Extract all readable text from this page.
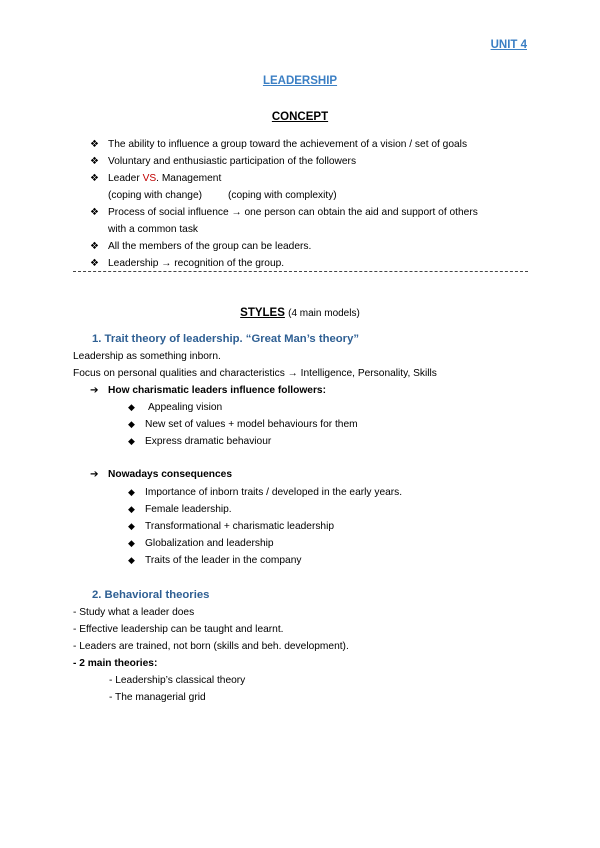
UNIT 4
LEADERSHIP
CONCEPT
❖ The ability to influence a group toward the achievement of a vision / set of goals
❖ Voluntary and enthusiastic participation of the followers
❖ Leader VS. Management
(coping with change)	(coping with complexity)
❖ Process of social influence → one person can obtain the aid and support of others
with a common task
❖ All the members of the group can be leaders.
❖ Leadership → recognition of the group.
STYLES (4 main models)
1. Trait theory of leadership. “Great Man’s theory”
Leadership as something inborn.
Focus on personal qualities and characteristics → Intelligence, Personality, Skills
➔ How charismatic leaders influence followers:
◆ Appealing vision
◆ New set of values + model behaviours for them
◆ Express dramatic behaviour
➔ Nowadays consequences
◆ Importance of inborn traits / developed in the early years.
◆ Female leadership.
◆ Transformational + charismatic leadership
◆ Globalization and leadership
◆ Traits of the leader in the company
2. Behavioral theories
- Study what a leader does
- Effective leadership can be taught and learnt.
- Leaders are trained, not born (skills and beh. development).
- 2 main theories:
- Leadership’s classical theory
- The managerial grid
